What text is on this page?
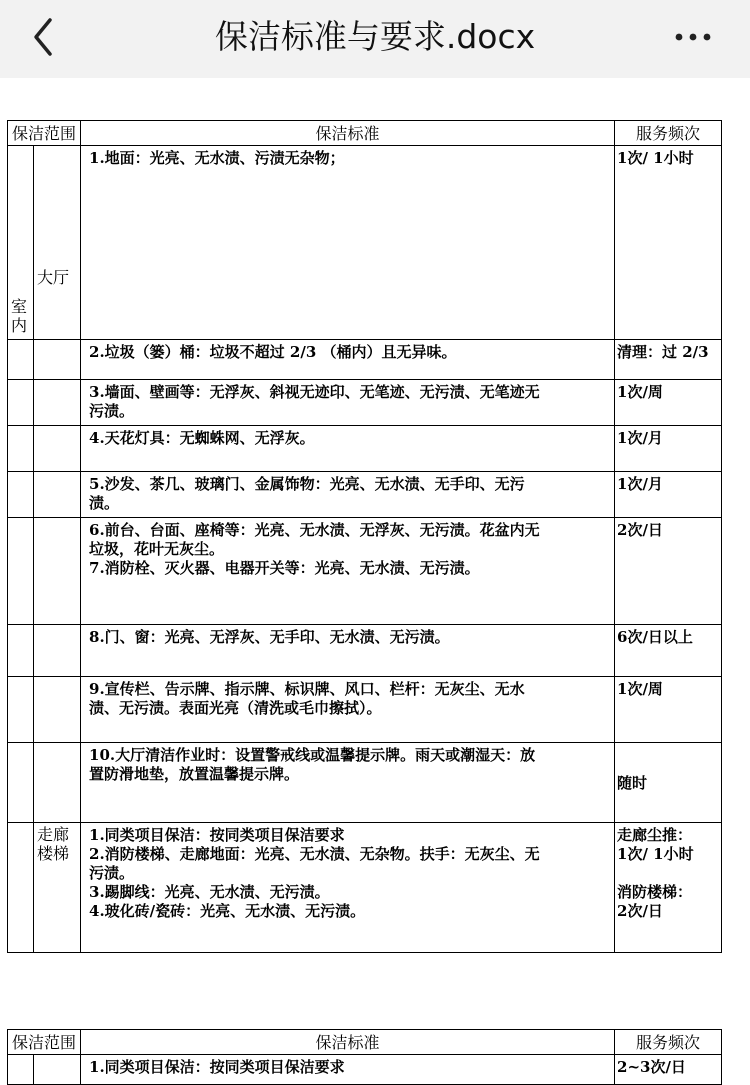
保洁标准与要求.docx
保洁范围		保洁标准	服务频次
室内	大厅	1.地面：光亮、无水渍、污渍无杂物；	1次/ 1小时

		2.垃圾（篓）桶：垃圾不超过 2/3 （桶内）且无异味。	清理：过 2/3

		3.墙面、壁画等：无浮灰、斜视无迹印、无笔迹、无污渍、无笔迹无
污渍。	1次/周

		4.天花灯具：无蜘蛛网、无浮灰。	1次/月

		5.沙发、茶几、玻璃门、金属饰物：光亮、无水渍、无手印、无污
渍。	1次/月

		6.前台、台面、座椅等：光亮、无水渍、无浮灰、无污渍。花盆内无
垃圾，花叶无灰尘。
7.消防栓、灭火器、电器开关等：光亮、无水渍、无污渍。	2次/日

		8.门、窗：光亮、无浮灰、无手印、无水渍、无污渍。	6次/日以上

		9.宣传栏、告示牌、指示牌、标识牌、风口、栏杆：无灰尘、无水
渍、无污渍。表面光亮（清洗或毛巾擦拭）。	1次/周

		10.大厅清洁作业时：设置警戒线或温馨提示牌。雨天或潮湿天：放
置防滑地垫，放置温馨提示牌。	随时

	走廊楼梯	1.同类项目保洁：按同类项目保洁要求
2.消防楼梯、走廊地面：光亮、无水渍、无杂物。扶手：无灰尘、无
污渍。
3.踢脚线：光亮、无水渍、无污渍。
4.玻化砖/瓷砖：光亮、无水渍、无污渍。	走廊尘推：
1次/ 1小时
消防楼梯：
2次/日
保洁范围		保洁标准	服务频次

		1.同类项目保洁：按同类项目保洁要求	2~3次/日
